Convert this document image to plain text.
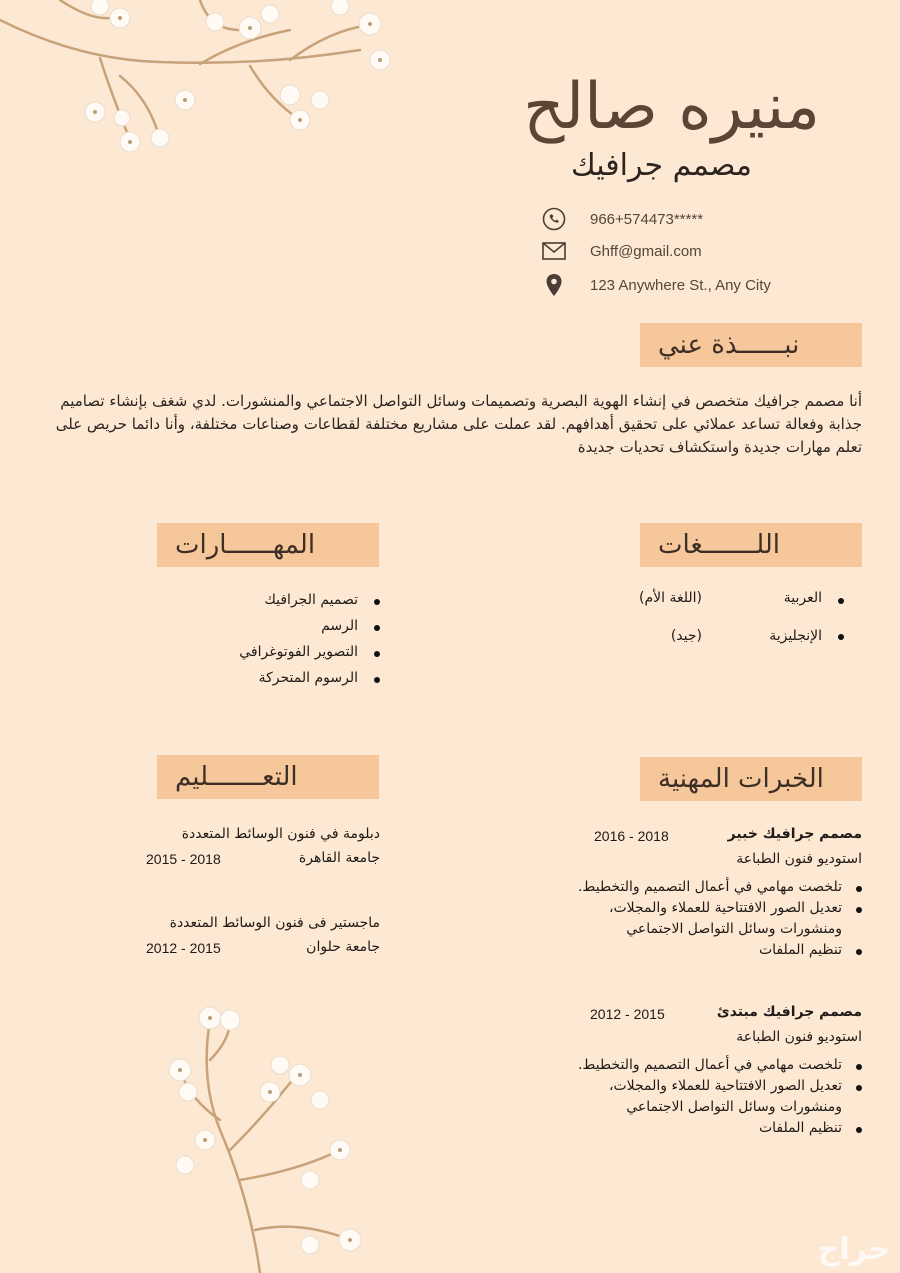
منيره صالح
مصمم جرافيك
966+574473*****
Ghff@gmail.com
123 Anywhere St., Any City
نبــــــذة عني
أنا مصمم جرافيك متخصص في إنشاء الهوية البصرية وتصميمات وسائل التواصل الاجتماعي والمنشورات. لدي شغف بإنشاء تصاميم جذابة وفعالة تساعد عملائي على تحقيق أهدافهم. لقد عملت على مشاريع مختلفة لقطاعات وصناعات مختلفة، وأنا دائما حريص على تعلم مهارات جديدة واستكشاف تحديات جديدة
اللـــــــغات
العربية
(اللغة الأم)
الإنجليزية
(جيد)
المهــــــارات
تصميم الجرافيك
الرسم
التصوير الفوتوغرافي
الرسوم المتحركة
الخبرات المهنية
مصمم جرافيك خبير
2016 - 2018
استوديو فنون الطباعة
تلخصت مهامي في أعمال التصميم والتخطيط.
تعديل الصور الافتتاحية للعملاء والمجلات،
ومنشورات وسائل التواصل الاجتماعي
تنظيم الملفات
مصمم جرافيك مبتدئ
2012 - 2015
استوديو فنون الطباعة
تلخصت مهامي في أعمال التصميم والتخطيط.
تعديل الصور الافتتاحية للعملاء والمجلات،
ومنشورات وسائل التواصل الاجتماعي
تنظيم الملفات
التعـــــــليم
دبلومة في فنون الوسائط المتعددة
جامعة القاهرة
2015 - 2018
ماجستير فى فنون الوسائط المتعددة
جامعة حلوان
2012 - 2015
حراج
